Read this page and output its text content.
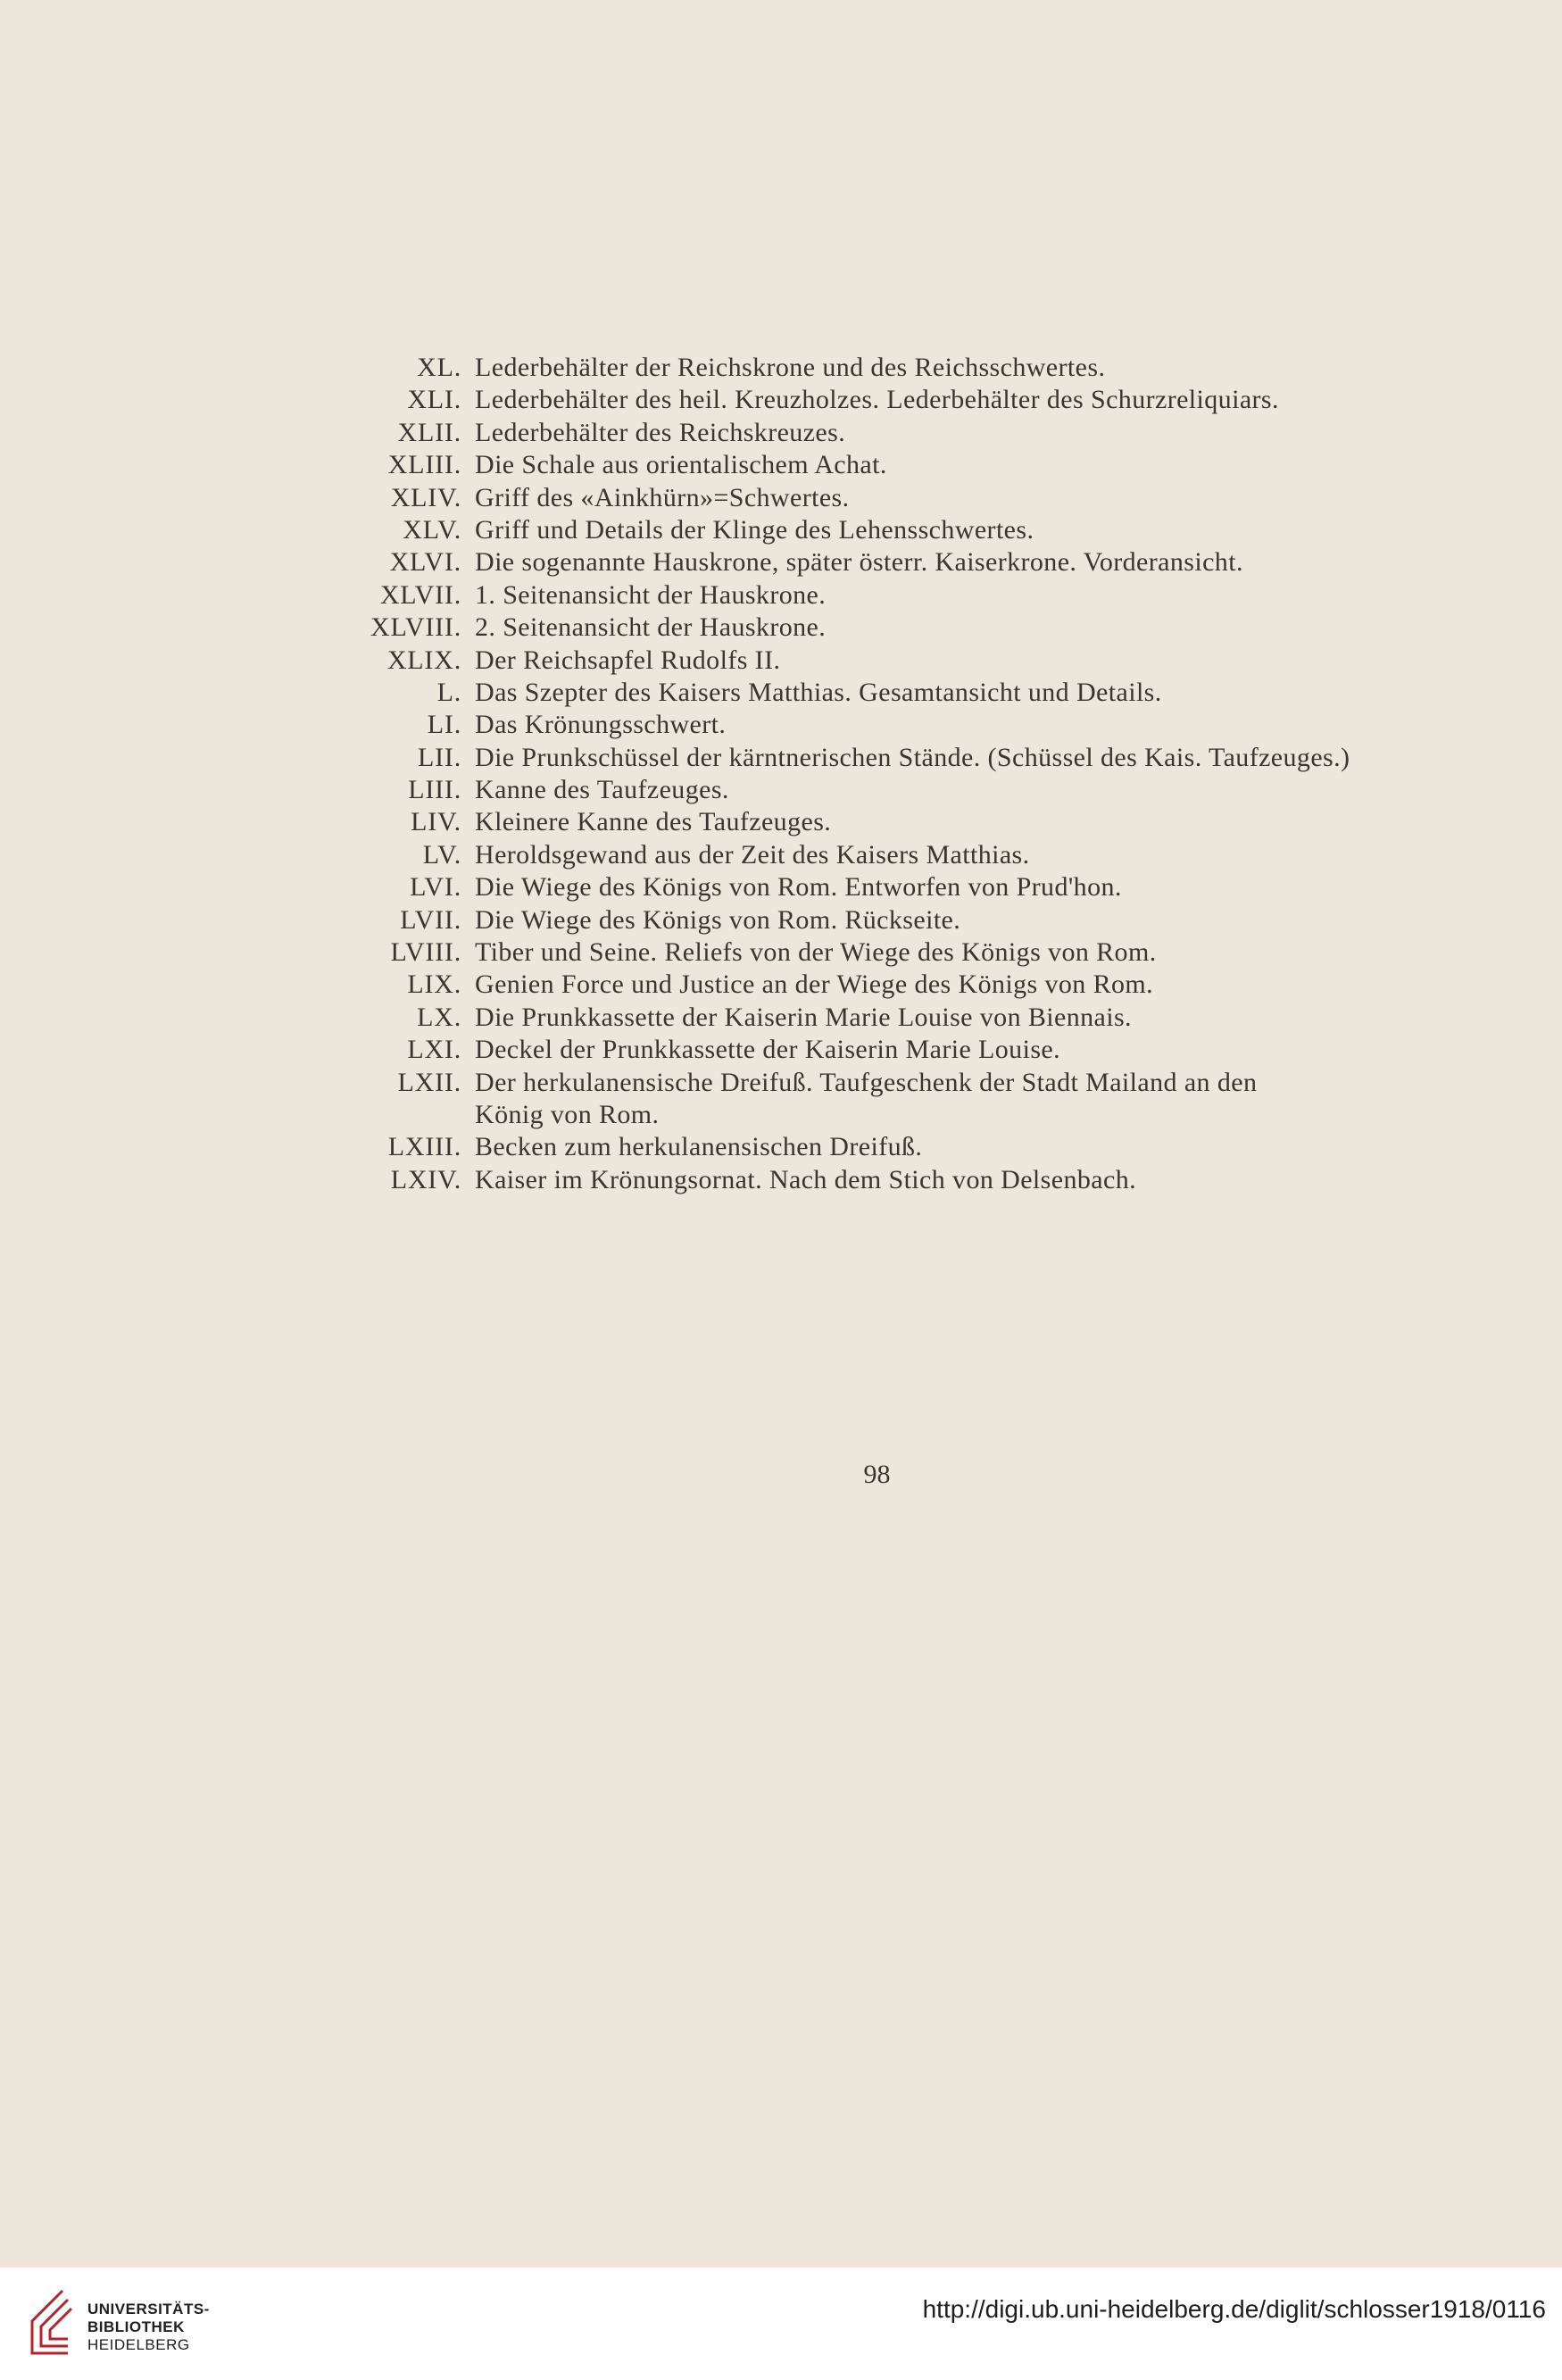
XL. Lederbehälter der Reichskrone und des Reichsschwertes.
XLI. Lederbehälter des heil. Kreuzholzes. Lederbehälter des Schurzreliquiars.
XLII. Lederbehälter des Reichskreuzes.
XLIII. Die Schale aus orientalischem Achat.
XLIV. Griff des «Ainkhürn»=Schwertes.
XLV. Griff und Details der Klinge des Lehensschwertes.
XLVI. Die sogenannte Hauskrone, später österr. Kaiserkrone. Vorderansicht.
XLVII. 1. Seitenansicht der Hauskrone.
XLVIII. 2. Seitenansicht der Hauskrone.
XLIX. Der Reichsapfel Rudolfs II.
L. Das Szepter des Kaisers Matthias. Gesamtansicht und Details.
LI. Das Krönungsschwert.
LII. Die Prunkschüssel der kärntnerischen Stände. (Schüssel des Kais. Taufzeuges.)
LIII. Kanne des Taufzeuges.
LIV. Kleinere Kanne des Taufzeuges.
LV. Heroldsgewand aus der Zeit des Kaisers Matthias.
LVI. Die Wiege des Königs von Rom. Entworfen von Prud'hon.
LVII. Die Wiege des Königs von Rom. Rückseite.
LVIII. Tiber und Seine. Reliefs von der Wiege des Königs von Rom.
LIX. Genien Force und Justice an der Wiege des Königs von Rom.
LX. Die Prunkkassette der Kaiserin Marie Louise von Biennais.
LXI. Deckel der Prunkkassette der Kaiserin Marie Louise.
LXII. Der herkulanensische Dreifuß. Taufgeschenk der Stadt Mailand an den
König von Rom.
LXIII. Becken zum herkulanensischen Dreifuß.
LXIV. Kaiser im Krönungsornat. Nach dem Stich von Delsenbach.
98
UNIVERSITÄTS-
BIBLIOTHEK
HEIDELBERG
http://digi.ub.uni-heidelberg.de/diglit/schlosser1918/0116
